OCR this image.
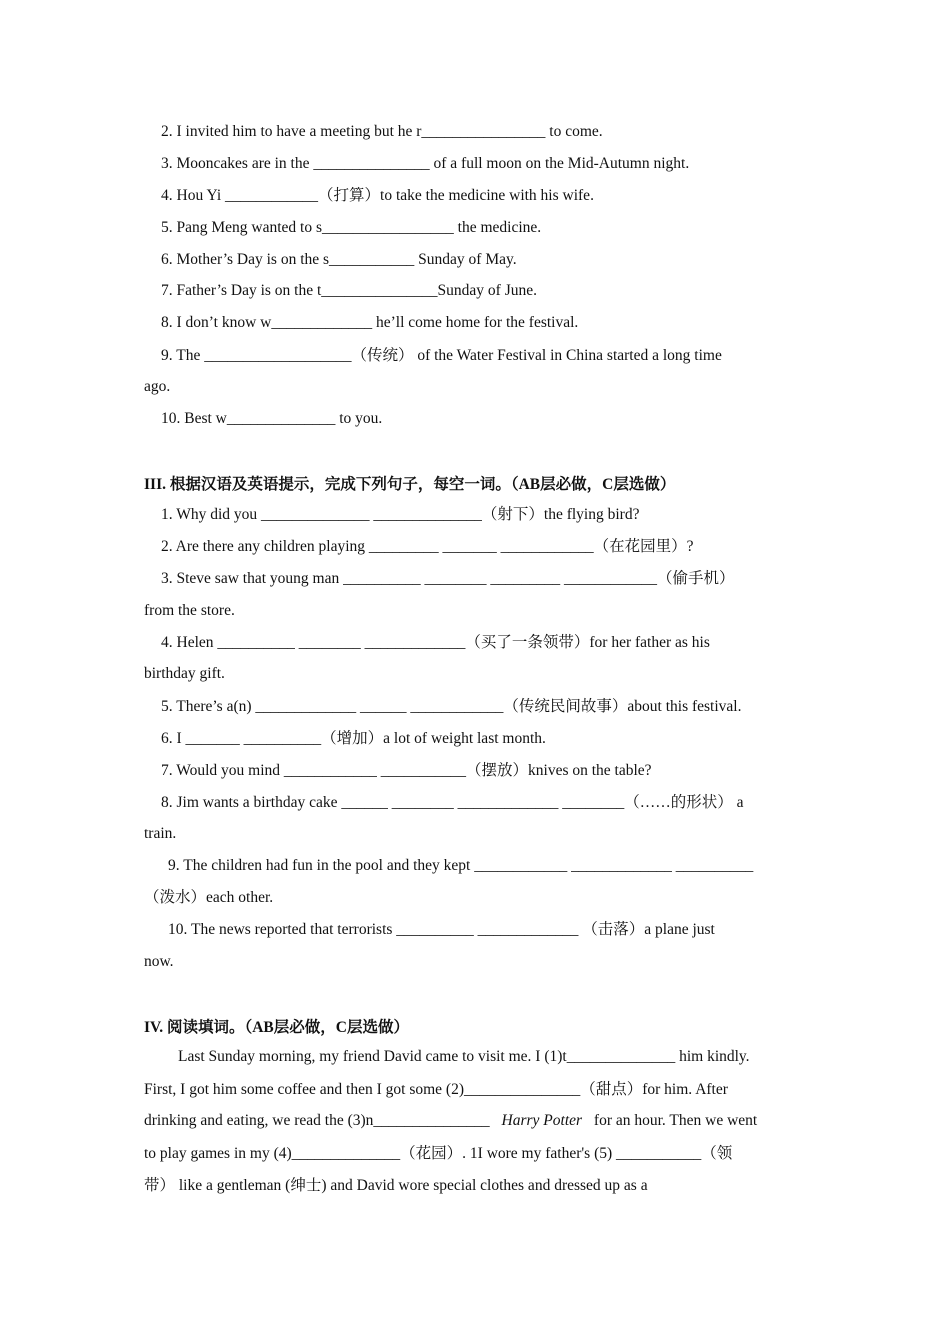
2. I invited him to have a meeting but he r________________ to come.
3. Mooncakes are in the _______________ of a full moon on the Mid-Autumn night.
4. Hou Yi ____________（打算）to take the medicine with his wife.
5. Pang Meng wanted to s_________________ the medicine.
6. Mother’s Day is on the s___________ Sunday of May.
7. Father’s Day is on the t_______________Sunday of June.
8. I don’t know w_____________ he’ll come home for the festival.
9. The ___________________（传统） of the Water Festival in China started a long time
ago.
10. Best w______________ to you.
III. 根据汉语及英语提示，完成下列句子，每空一词。（AB层必做，C层选做）
1. Why did you ______________ ______________（射下）the flying bird?
2. Are there any children playing _________ _______ ____________（在花园里）?
3. Steve saw that young man __________ ________ _________ ____________（偷手机）
from the store.
4. Helen __________ ________ _____________（买了一条领带）for her father as his
birthday gift.
5. There’s a(n) _____________ ______ ____________（传统民间故事）about this festival.
6. I _______ __________（增加）a lot of weight last month.
7. Would you mind ____________ ___________（摆放）knives on the table?
8. Jim wants a birthday cake ______ ________ _____________ ________（……的形状） a
train.
9. The children had fun in the pool and they kept ____________ _____________ __________
（泼水）each other.
10. The news reported that terrorists __________ _____________ （击落）a plane just
now.
IV. 阅读填词。（AB层必做，C层选做）
Last Sunday morning, my friend David came to visit me. I (1)t______________ him kindly.
First, I got him some coffee and then I got some (2)_______________（甜点）for him. After
drinking and eating, we read the (3)n_______________ Harry Potter for an hour. Then we went
to play games in my (4)______________（花园）. 1I wore my father's (5) ___________（领
带） like a gentleman (绅士) and David wore special clothes and dressed up as a
